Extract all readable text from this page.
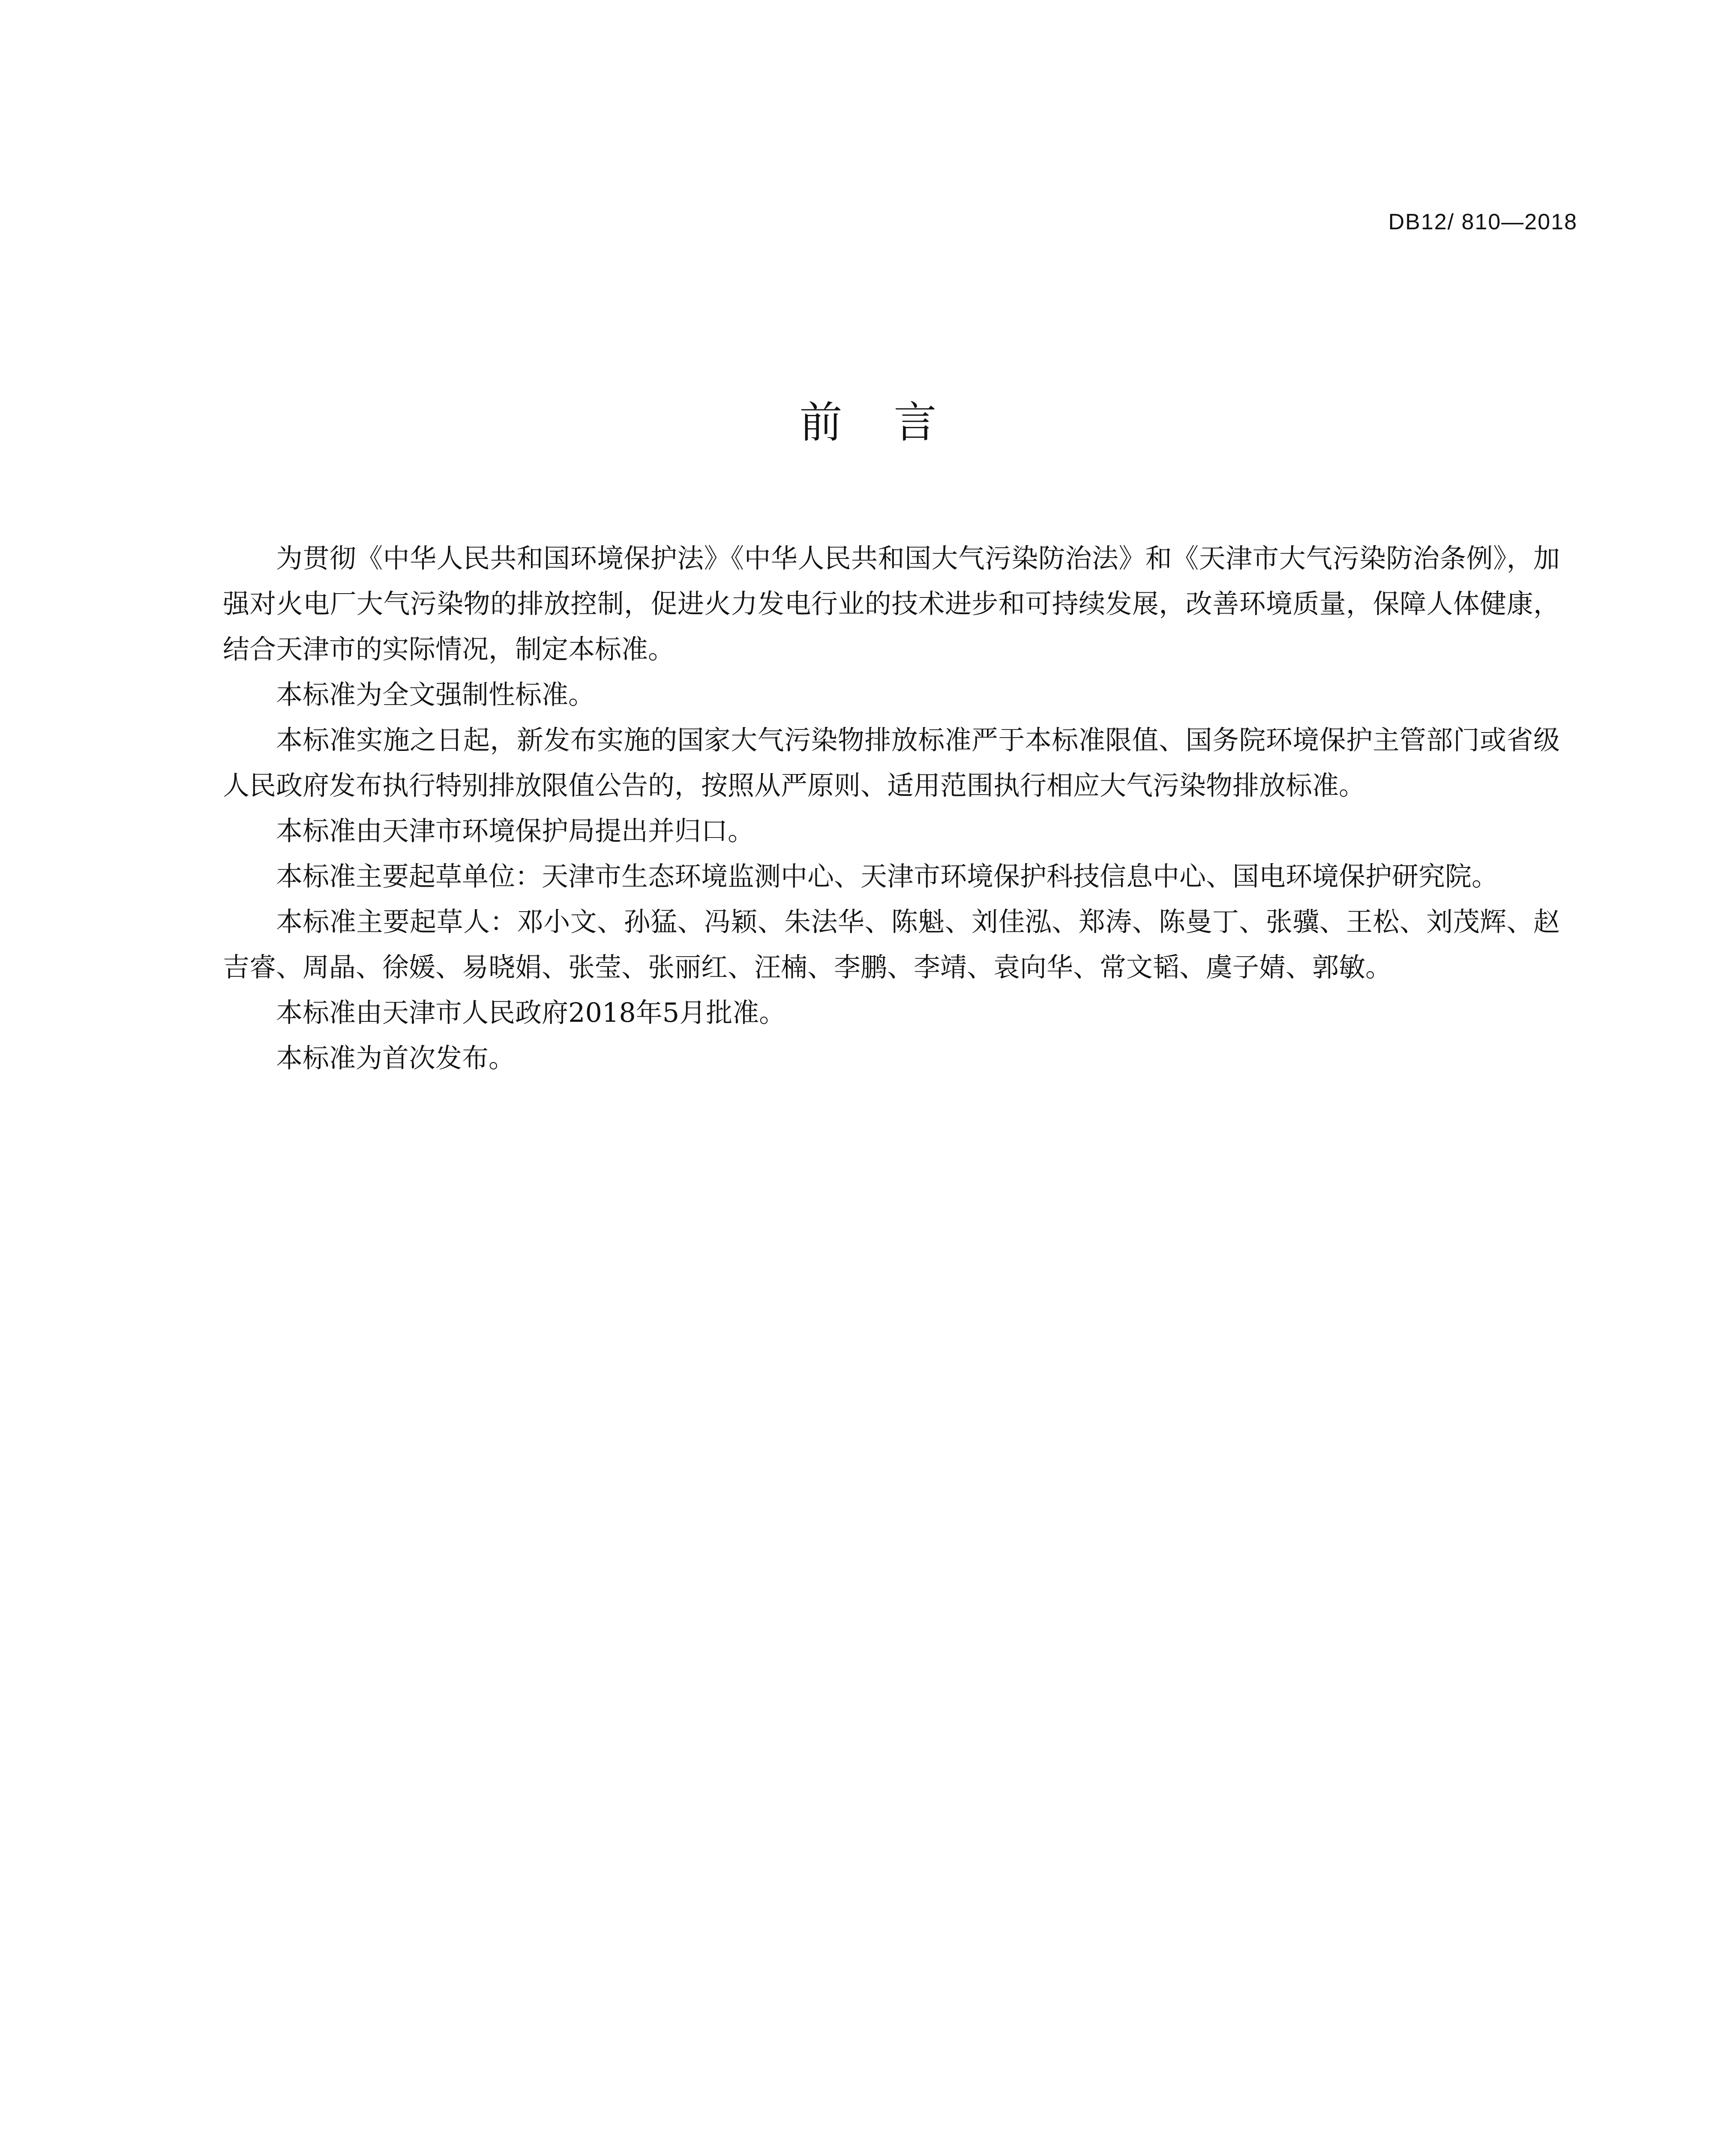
DB12/ 810—2018
前言

为贯彻《中华人民共和国环境保护法》《中华人民共和国大气污染防治法》和《天津市大气污染防治条例》，加强对火电厂大气污染物的排放控制，促进火力发电行业的技术进步和可持续发展，改善环境质量，保障人体健康，结合天津市的实际情况，制定本标准。

本标准为全文强制性标准。

本标准实施之日起，新发布实施的国家大气污染物排放标准严于本标准限值、国务院环境保护主管部门或省级人民政府发布执行特别排放限值公告的，按照从严原则、适用范围执行相应大气污染物排放标准。

本标准由天津市环境保护局提出并归口。

本标准主要起草单位：天津市生态环境监测中心、天津市环境保护科技信息中心、国电环境保护研究院。

本标准主要起草人：邓小文、孙猛、冯颖、朱法华、陈魁、刘佳泓、郑涛、陈曼丁、张骥、王松、刘茂辉、赵吉睿、周晶、徐媛、易晓娟、张莹、张丽红、汪楠、李鹏、李靖、袁向华、常文韬、虞子婧、郭敏。

本标准由天津市人民政府2018年5月批准。

本标准为首次发布。
